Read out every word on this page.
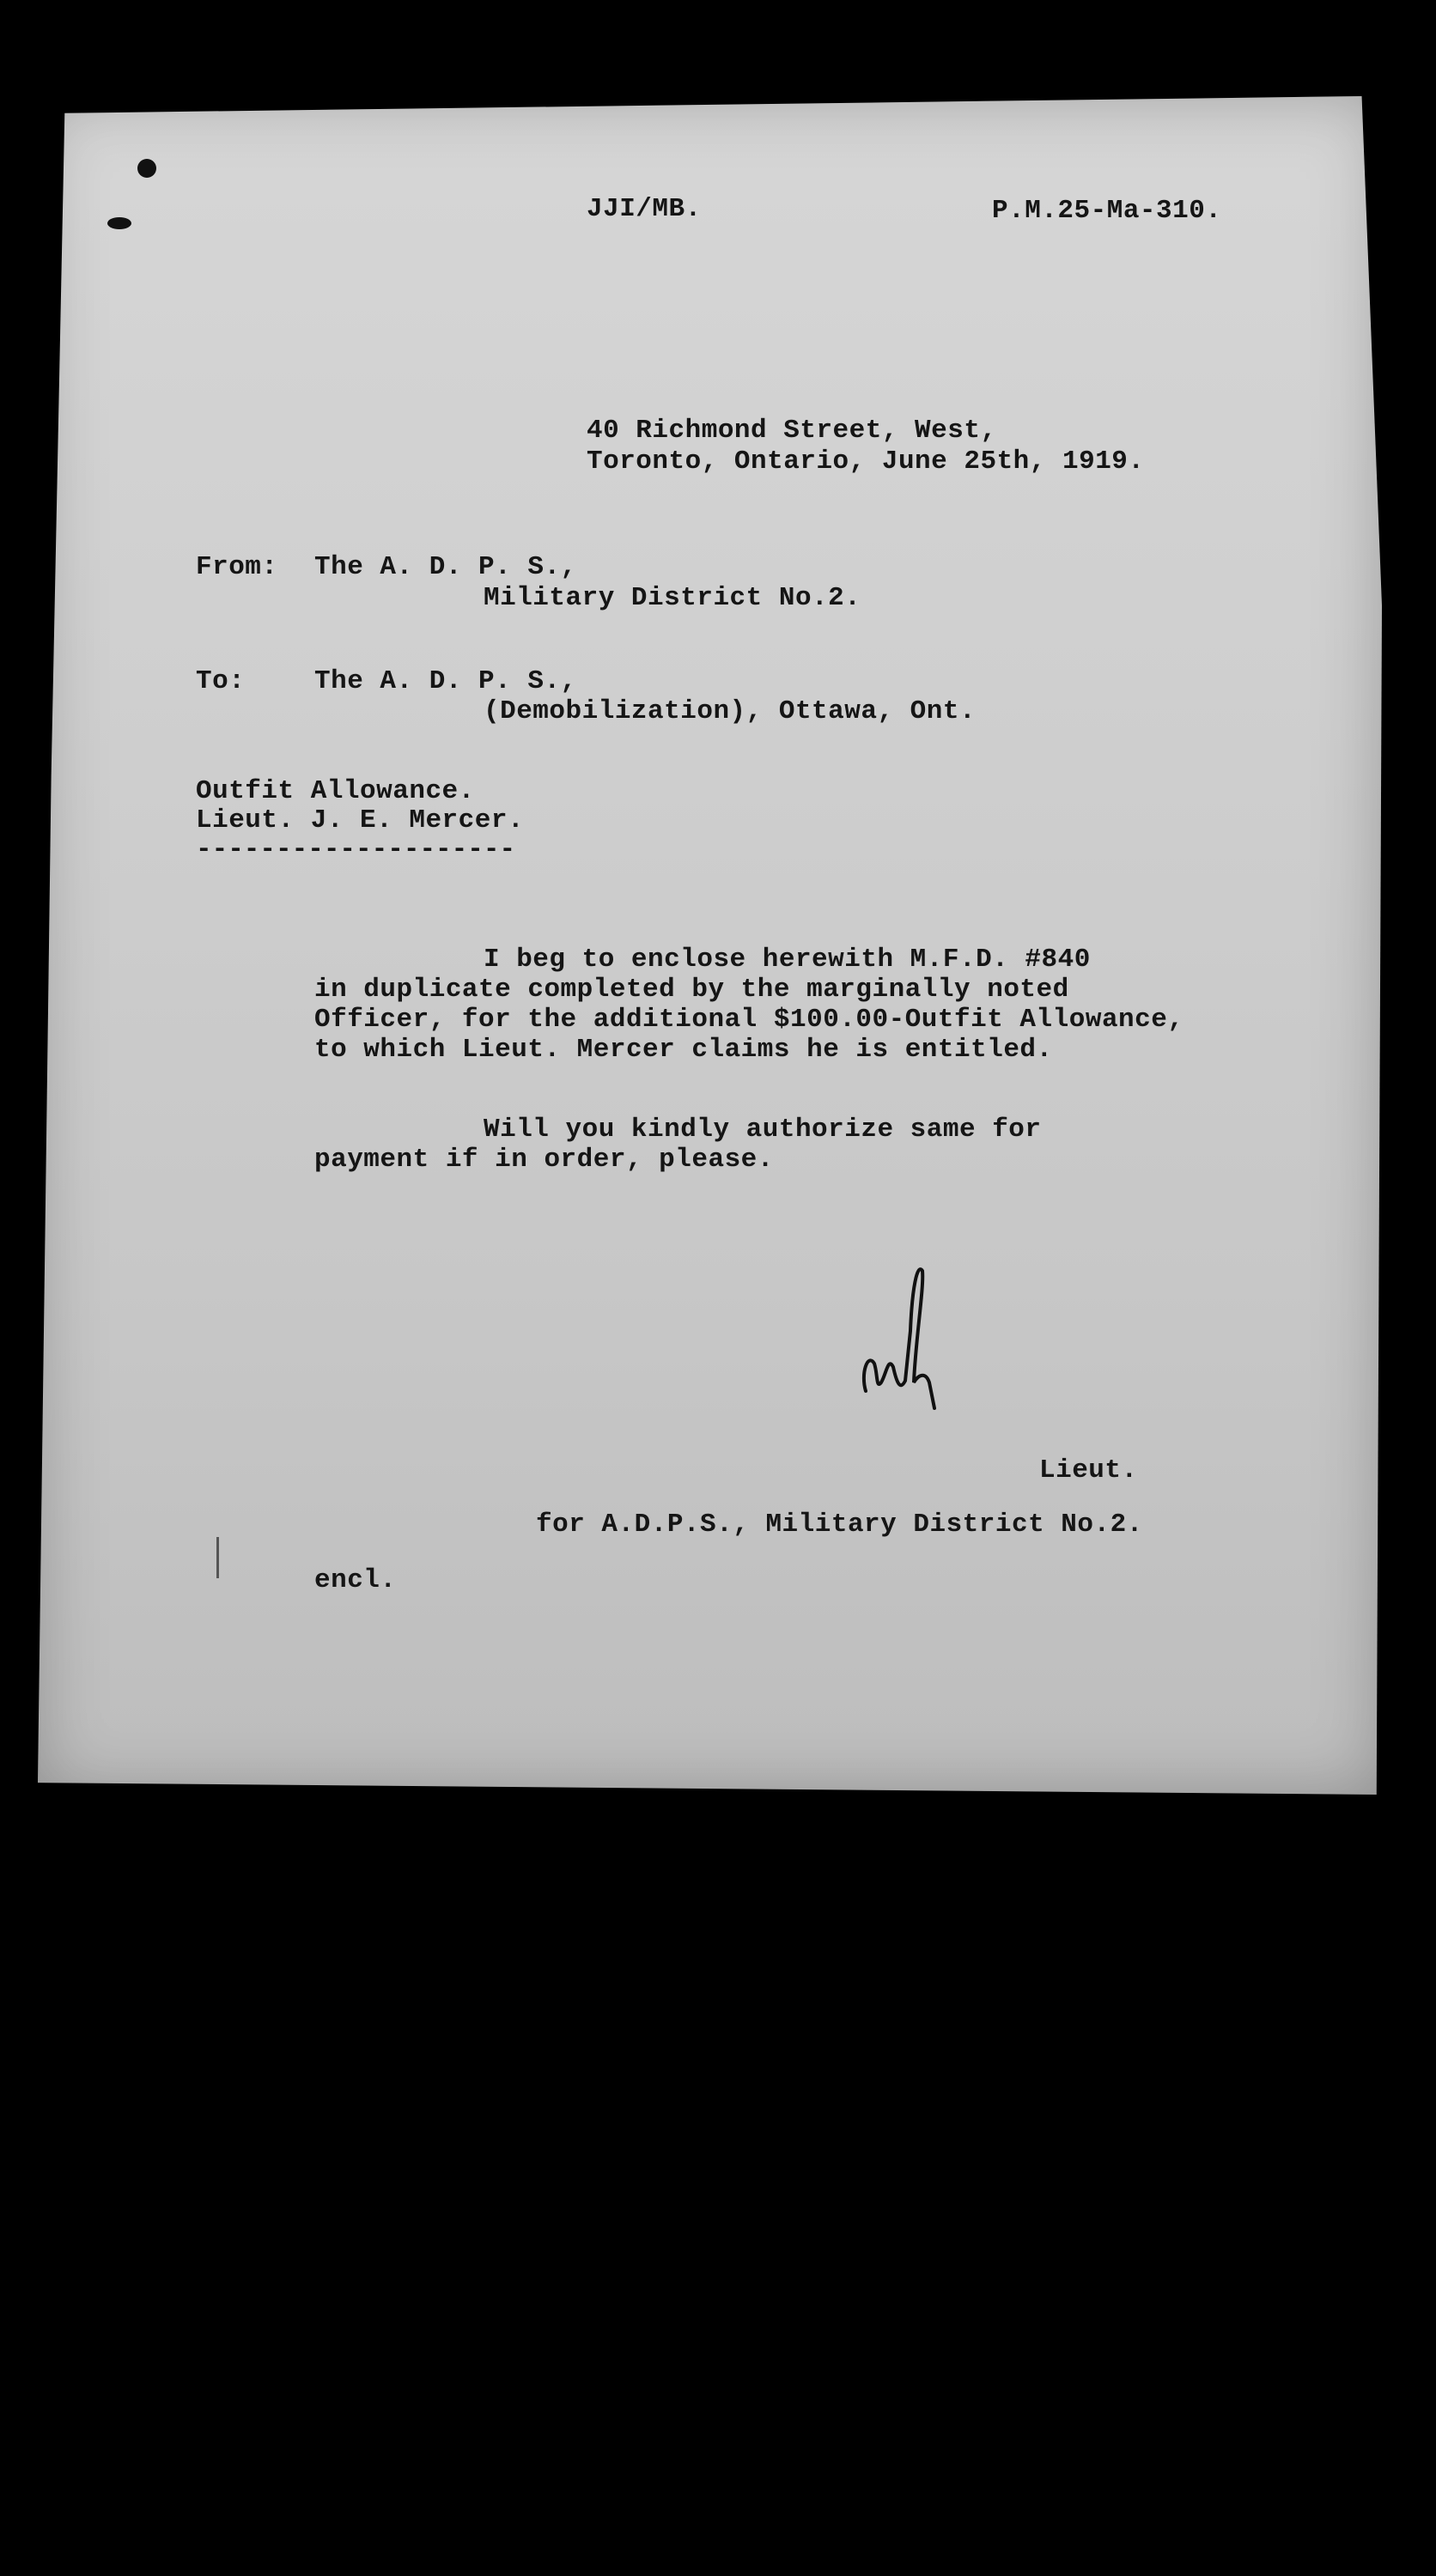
JJI/MB.	P.M.25-Ma-310.
40 Richmond Street, West,
Toronto, Ontario, June 25th, 1919.
From: The A. D. P. S.,
Military District No.2.
To:	The A. D. P. S.,
(Demobilization), Ottawa, Ont.
Outfit Allowance.
Lieut. J. E. Mercer.
--------------------
I beg to enclose herewith M.F.D. #840
in duplicate completed by the marginally noted
Officer, for the additional $100.00-Outfit Allowance,
to which Lieut. Mercer claims he is entitled.
Will you kindly authorize same for
payment if in order, please.
Lieut.
for A.D.P.S., Military District No.2.
encl.
